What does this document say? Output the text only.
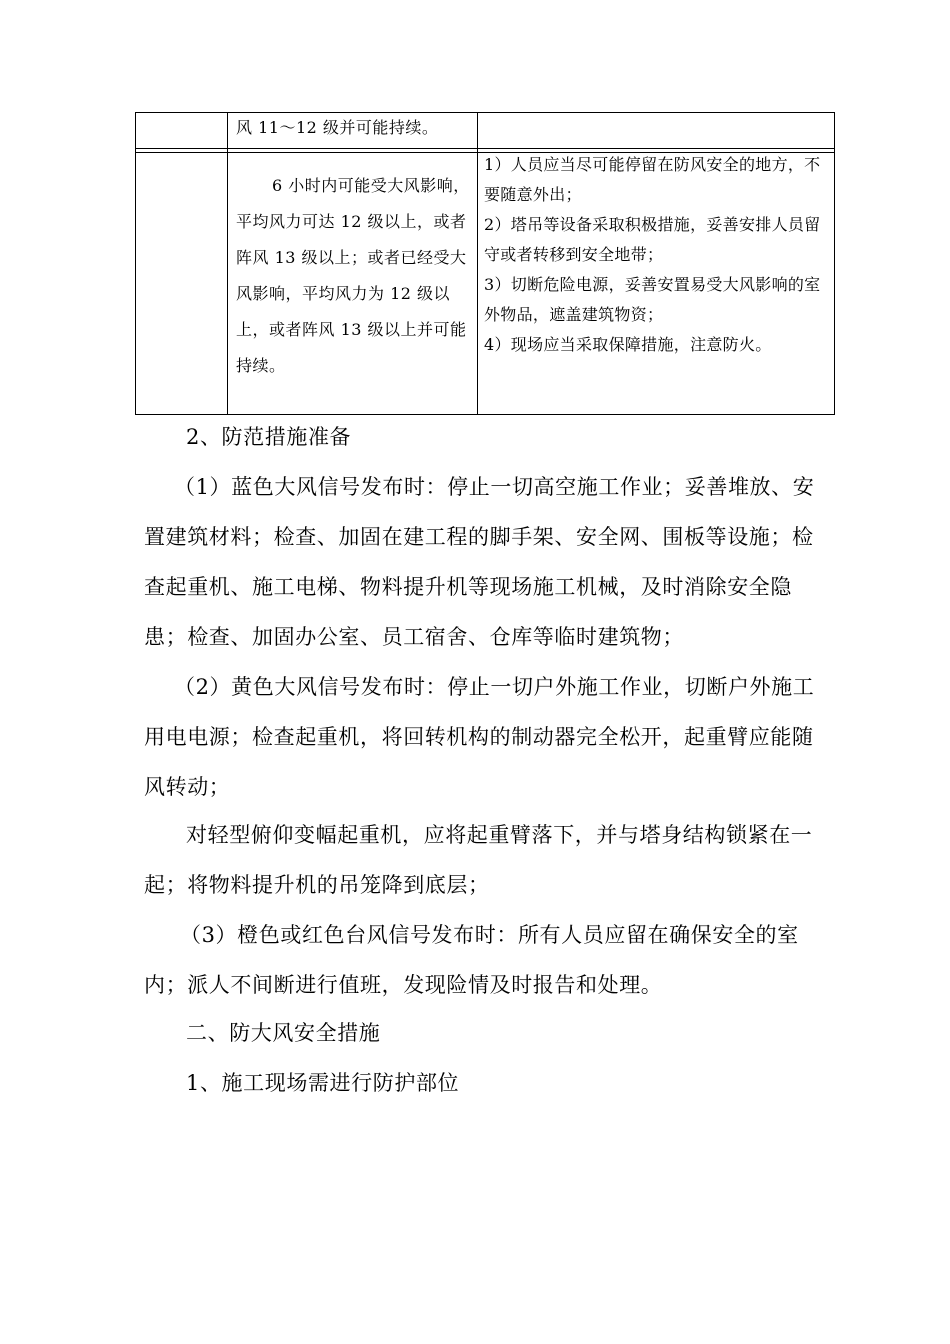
风 11～12 级并可能持续。
6 小时内可能受大风影响，平均风力可达 12 级以上，或者阵风 13 级以上；或者已经受大风影响，平均风力为 12 级以上，或者阵风 13 级以上并可能持续。
1）人员应当尽可能停留在防风安全的地方，不要随意外出；
2）塔吊等设备采取积极措施，妥善安排人员留守或者转移到安全地带；
3）切断危险电源，妥善安置易受大风影响的室外物品，遮盖建筑物资；
4）现场应当采取保障措施，注意防火。
2、防范措施准备

（1）蓝色大风信号发布时：停止一切高空施工作业；妥善堆放、安置建筑材料；检查、加固在建工程的脚手架、安全网、围板等设施；检查起重机、施工电梯、物料提升机等现场施工机械，及时消除安全隐患；检查、加固办公室、员工宿舍、仓库等临时建筑物；

（2）黄色大风信号发布时：停止一切户外施工作业，切断户外施工用电电源；检查起重机，将回转机构的制动器完全松开，起重臂应能随风转动；

对轻型俯仰变幅起重机，应将起重臂落下，并与塔身结构锁紧在一起；将物料提升机的吊笼降到底层；

（3）橙色或红色台风信号发布时：所有人员应留在确保安全的室内；派人不间断进行值班，发现险情及时报告和处理。

二、防大风安全措施
1、施工现场需进行防护部位
